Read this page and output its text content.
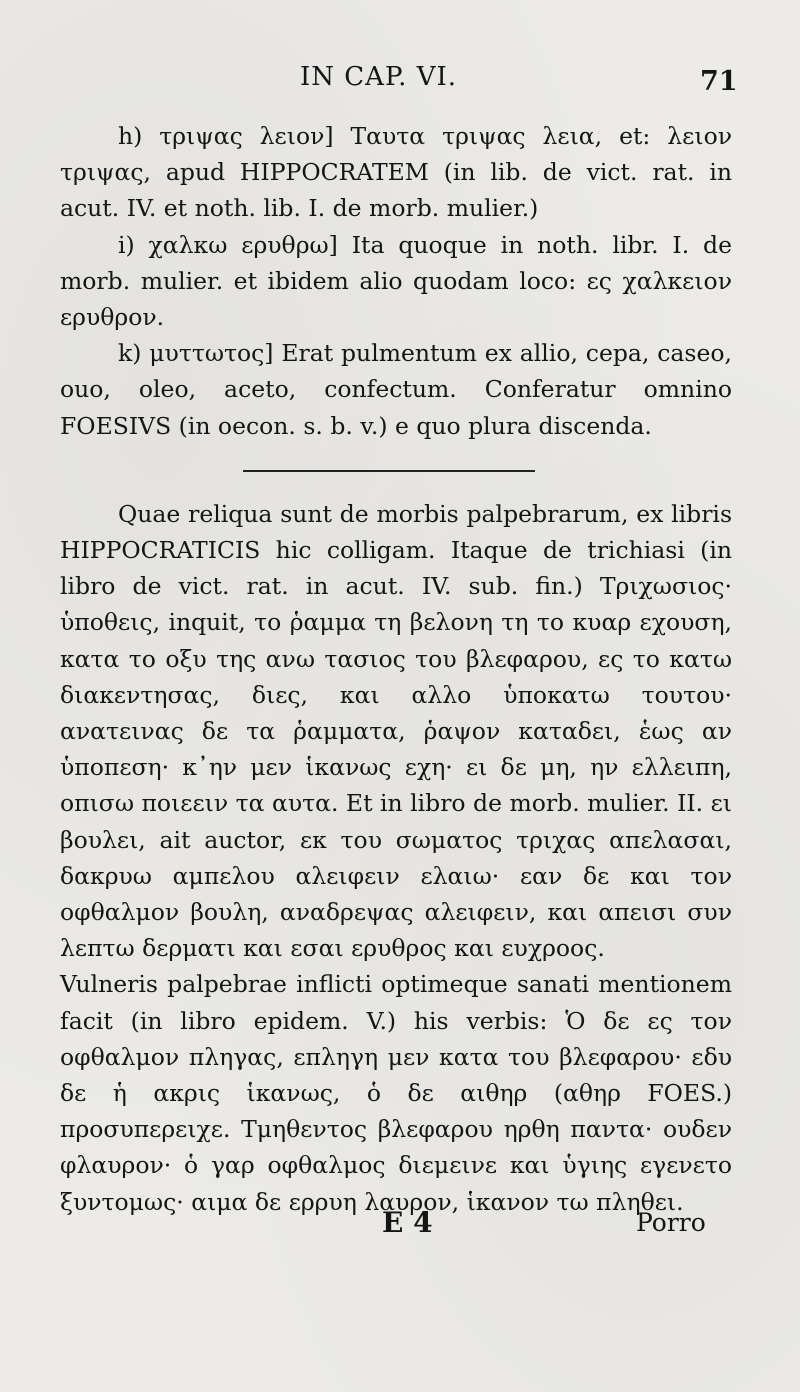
IN CAP. VI.	71

h) τριψας λειον] Ταυτα τριψας λεια, et: λειον τριψας, apud HIPPOCRATEM (in lib. de vict. rat. in acut. IV. et noth. lib. I. de morb. mulier.)

i) χαλκω ερυθρω] Ita quoque in noth. libr. I. de morb. mulier. et ibidem alio quodam loco: ες χαλκειον ερυθρον.

k) μυττωτος] Erat pulmentum ex allio, cepa, caseo, ouo, oleo, aceto, confectum. Conferatur omnino FOESIVS (in oecon. s. b. v.) e quo plura discenda.

Quae reliqua sunt de morbis palpebrarum, ex libris HIPPOCRATICIS hic colligam. Itaque de trichiasi (in libro de vict. rat. in acut. IV. sub. fin.) Τριχωσιος· ὑποθεις, inquit, το ῥαμμα τη βελονη τη το κυαρ εχουση, κατα το οξυ της ανω τασιος του βλεφαρου, ες το κατω διακεντησας, διες, και αλλο ὑποκατω τουτου· ανατεινας δε τα ῥαμματα, ῥαψον καταδει, ἑως αν ὑποπεση· κ᾽ην μεν ἱκανως εχη· ει δε μη, ην ελλειπη, οπισω ποιεειν τα αυτα. Et in libro de morb. mulier. II. ει βουλει, ait auctor, εκ του σωματος τριχας απελασαι, δακρυω αμπελου αλειφειν ελαιω· εαν δε και τον οφθαλμον βουλη, αναδρεψας αλειφειν, και απεισι συν λεπτω δερματι και εσαι ερυθρος και ευχροος.

Vulneris palpebrae inflicti optimeque sanati mentionem facit (in libro epidem. V.) his verbis: Ὁ δε ες τον οφθαλμον πληγας, επληγη μεν κατα του βλεφαρου· εδυ δε ἡ ακρις ἱκανως, ὁ δε αιθηρ (αθηρ FOES.) προσυπερειχε. Τμηθεντος βλεφαρου ηρθη παντα· ουδεν φλαυρον· ὁ γαρ οφθαλμος διεμεινε και ὑγιης εγενετο ξυντομως· αιμα δε ερρυη λαυρον, ἱκανον τω πληθει.

E 4	Porro
